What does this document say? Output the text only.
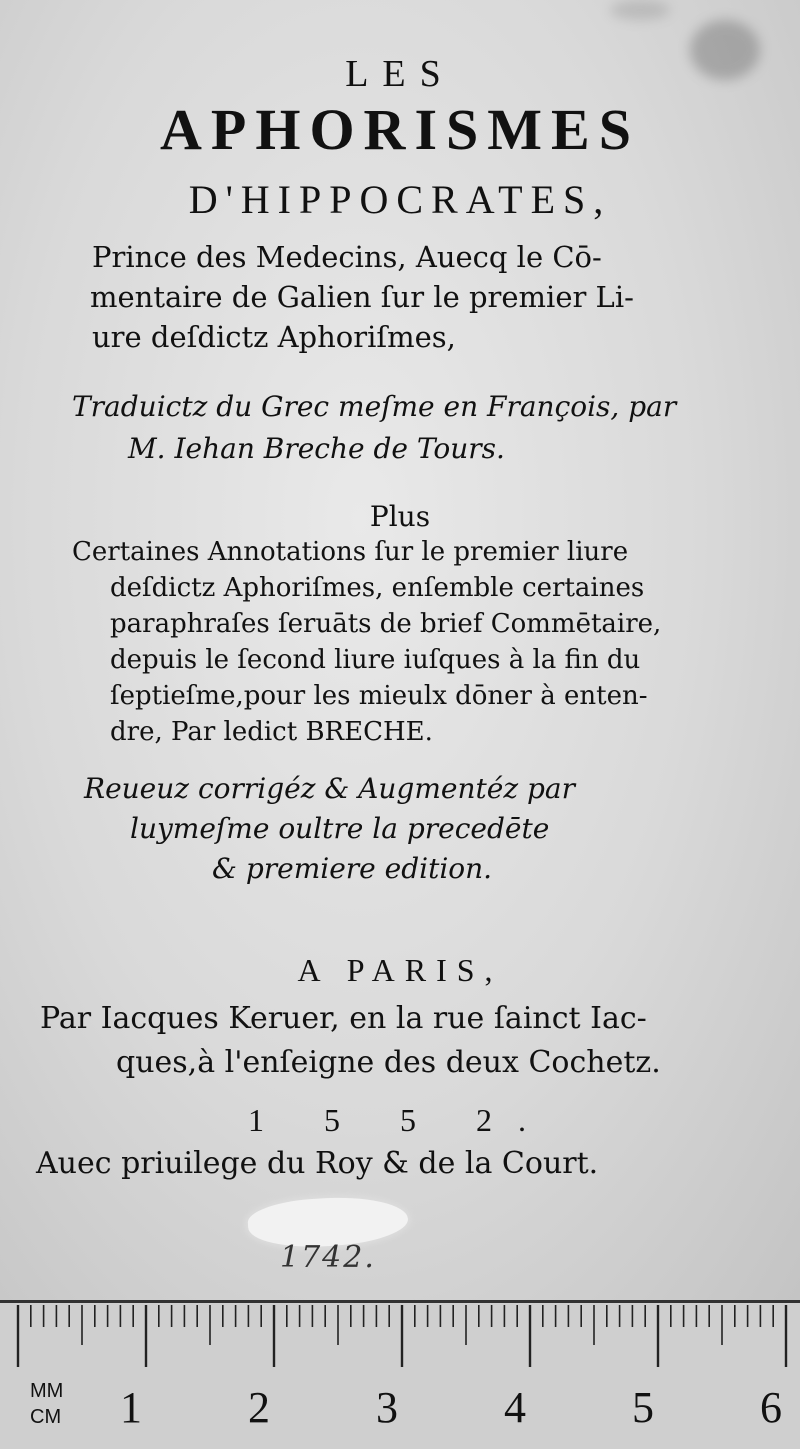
LES

APHORISMES

D'HIPPOCRATES,

Prince des Medecins, Auecq le Cō-

mentaire de Galien ſur le premier Li-

ure deſdictz Aphoriſmes,

Traduictz du Grec meſme en François, par

M. Iehan Breche de Tours.

Plus

Certaines Annotations ſur le premier liure

deſdictz Aphoriſmes, enſemble certaines

paraphraſes ſeruāts de brief Commētaire,

depuis le ſecond liure iuſques à la fin du

ſeptieſme,pour les mieulx dōner à enten-

dre, Par ledict BRECHE.

Reueuz corrigéz & Augmentéz par

luymeſme oultre la precedēte

& premiere edition.

A PARIS,

Par Iacques Keruer, en la rue ſainct Iac-

ques,à l'enſeigne des deux Cochetz.

1 5 5 2.

Auec priuilege du Roy & de la Court.

1742.

MM
CM 1 2 3 4 5 6
